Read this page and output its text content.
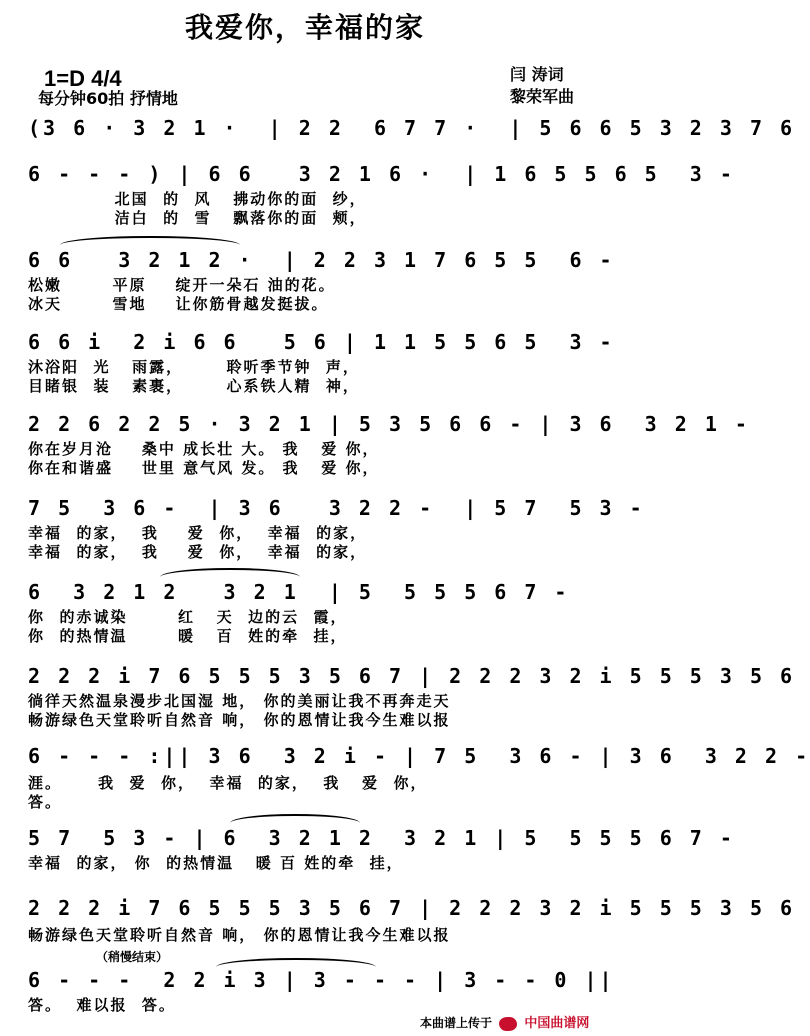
我爱你，幸福的家
1=D 4/4
每分钟60拍 抒情地
闫 涛词
黎荣军曲
(3 6 · 3 2 1 ·  | 2 2  6 7 7 ·  | 5 6 6 5 3 2 3 7 6
6 - - - ) | 6 6   3 2 1 6 ·  | 1 6 5 5 6 5  3 -
北国  的  风   拂动你的面  纱，
洁白  的  雪   飘落你的面  颊，
6 6   3 2 1 2 ·  | 2 2 3 1 7 6 5 5  6 -
松嫩       平原    绽开一朵石 油的花。
冰天       雪地    让你筋骨越发挺拔。
6 6 i  2 i 6 6   5 6 | 1 1 5 5 6 5  3 -
沐浴阳  光   雨露，      聆听季节钟  声，
目睹银  装   素裹，      心系铁人精  神，
2 2 6 2 2 5 · 3 2 1 | 5 3 5 6 6 - | 3 6  3 2 1 -
你在岁月沧    桑中 成长壮 大。 我   爱 你，
你在和谐盛    世里 意气风 发。 我   爱 你，
7 5  3 6 -  | 3 6   3 2 2 -  | 5 7  5 3 -
幸福  的家，  我    爱  你，  幸福  的家，
幸福  的家，  我    爱  你，  幸福  的家，
6  3 2 1 2   3 2 1  | 5  5 5 5 6 7 -
你  的赤诚染       红   天  边的云  霞，
你  的热情温       暖   百  姓的牵  挂，
2 2 2 i 7 6 5 5 5 3 5 6 7 | 2 2 2 3 2 i 5 5 5 3 5 6
徜徉天然温泉漫步北国湿 地， 你的美丽让我不再奔走天
畅游绿色天堂聆听自然音 响， 你的恩情让我今生难以报
6 - - - :|| 3 6  3 2 i - | 7 5  3 6 - | 3 6  3 2 2 -
涯。     我  爱  你，  幸福  的家，  我   爱  你，
答。
5 7  5 3 - | 6  3 2 1 2  3 2 1 | 5  5 5 5 6 7 -
幸福  的家， 你  的热情温   暖 百 姓的牵  挂，
2 2 2 i 7 6 5 5 5 3 5 6 7 | 2 2 2 3 2 i 5 5 5 3 5 6
畅游绿色天堂聆听自然音 响， 你的恩情让我今生难以报
（稍慢结束）
6 - - -  2 2 i 3 | 3 - - - | 3 - - 0 ||
答。  难以报  答。
本曲谱上传于 中国曲谱网
